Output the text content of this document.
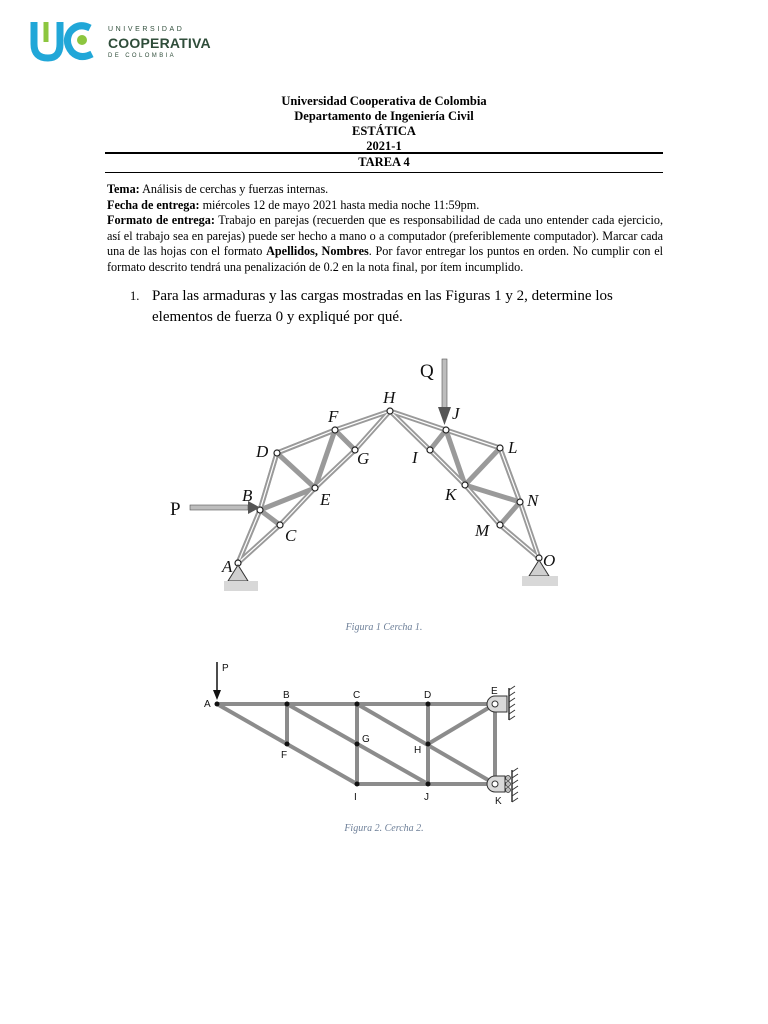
UNIVERSIDAD
COOPERATIVA
DE COLOMBIA
Universidad Cooperativa de Colombia
Departamento de Ingeniería Civil
ESTÁTICA
2021-1
TAREA 4

Tema: Análisis de cerchas y fuerzas internas.

Fecha de entrega: miércoles 12 de mayo 2021 hasta media noche 11:59pm.

Formato de entrega: Trabajo en parejas (recuerden que es responsabilidad de cada uno entender cada ejercicio, así el trabajo sea en parejas) puede ser hecho a mano o a computador (preferiblemente computador). Marcar cada una de las hojas con el formato Apellidos, Nombres. Por favor entregar los puntos en orden. No cumplir con el formato descrito tendrá una penalización de 0.2 en la nota final, por ítem incumplido.

1. Para las armaduras y las cargas mostradas en las Figuras 1 y 2, determine los elementos de fuerza 0 y expliqué por qué.
A
B
C
D
E
F
G
H
I
J
K
L
M
N
O
P
Q
Figura 1 Cercha 1.
P
A
B	C	D	E
F
G
H
I	J	K
Figura 2. Cercha 2.
